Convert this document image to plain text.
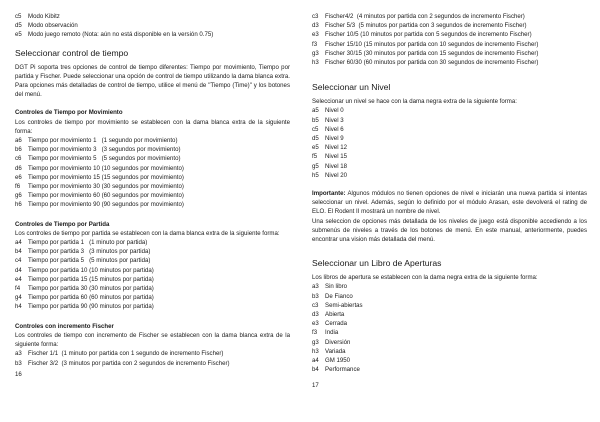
c5	Modo Kibitz
d5	Modo observación
e5	Modo juego remoto (Nota: aún no está disponible en la versión 0.75)
Seleccionar control de tiempo
DGT Pi soporta tres opciones de control de tiempo diferentes: Tiempo por movimiento, Tiempo por partida y Fischer. Puede seleccionar una opción de control de tiempo utilizando la dama blanca extra. Para opciones más detalladas de control de tiempo, utilice el menú de "Tiempo (Time)" y los botones del menú.
Controles de Tiempo por Movimiento
Los controles de tiempo por movimiento se establecen con la dama blanca extra de la siguiente forma:
a6	Tiempo por movimiento 1   (1 segundo por movimiento)
b6	Tiempo por movimiento 3   (3 segundos por movimiento)
c6	Tiempo por movimiento 5   (5 segundos por movimiento)
d6	Tiempo por movimiento 10 (10 segundos por movimiento)
e6	Tiempo por movimiento 15 (15 segundos por movimiento)
f6	Tiempo por movimiento 30 (30 segundos por movimiento)
g6	Tiempo por movimiento 60 (60 segundos por movimiento)
h6	Tiempo por movimiento 90 (90 segundos por movimiento)
Controles de Tiempo por Partida
Los controles de tiempo por partida se establecen con la dama blanca extra de la siguiente forma:
a4	Tiempo por partida 1   (1 minuto por partida)
b4	Tiempo por partida 3   (3 minutos por partida)
c4	Tiempo por partida 5   (5 minutos por partida)
d4	Tiempo por partida 10 (10 minutos por partida)
e4	Tiempo por partida 15 (15 minutos por partida)
f4	Tiempo por partida 30 (30 minutos por partida)
g4	Tiempo por partida 60 (60 minutos por partida)
h4	Tiempo por partida 90 (90 minutos por partida)
Controles con incremento Fischer
Los controles de tiempo con incremento de Fischer se establecen con la dama blanca extra de la siguiente forma:
a3	Fischer 1/1  (1 minuto por partida con 1 segundo de incremento Fischer)
b3	Fischer 3/2  (3 minutos por partida con 2 segundos de incremento Fischer)
16
c3	Fischer4/2  (4 minutos por partida con 2 segundos de incremento Fischer)
d3	Fischer 5/3  (5 minutos por partida con 3 segundos de incremento Fischer)
e3	Fischer 10/5 (10 minutos por partida con 5 segundos de incremento Fischer)
f3	Fischer 15/10 (15 minutos por partida con 10 segundos de incremento Fischer)
g3	Fischer 30/15 (30 minutos por partida con 15 segundos de incremento Fischer)
h3	Fischer 60/30 (60 minutos por partida con 30 segundos de incremento Fischer)
Seleccionar un Nivel
Seleccionar un nivel se hace con la dama negra extra de la siguiente forma:
a5	Nivel 0
b5	Nivel 3
c5	Nivel 6
d5	Nivel 9
e5	Nivel 12
f5	Nivel 15
g5	Nivel 18
h5	Nivel 20
Importante: Algunos módulos no tienen opciones de nivel e iniciarán una nueva partida si intentas seleccionar un nivel. Además, según lo definido por el módulo Arasan, este devolverá el rating de ELO. El Rodent II mostrará un nombre de nivel.
Una seleccion de opciones más detallada de los niveles de juego está disponible accediendo a los submenús de niveles a través de los botones de menú. En este manual, anteriormente, puedes encontrar una vision más detallada del menú.
Seleccionar un Libro de Aperturas
Los libros de apertura se establecen con la dama negra extra de la siguiente forma:
a3	Sin libro
b3	De Fianco
c3	Semi-abiertas
d3	Abierta
e3	Cerrada
f3	India
g3	Diversión
h3	Variada
a4	GM 1950
b4	Performance
17
